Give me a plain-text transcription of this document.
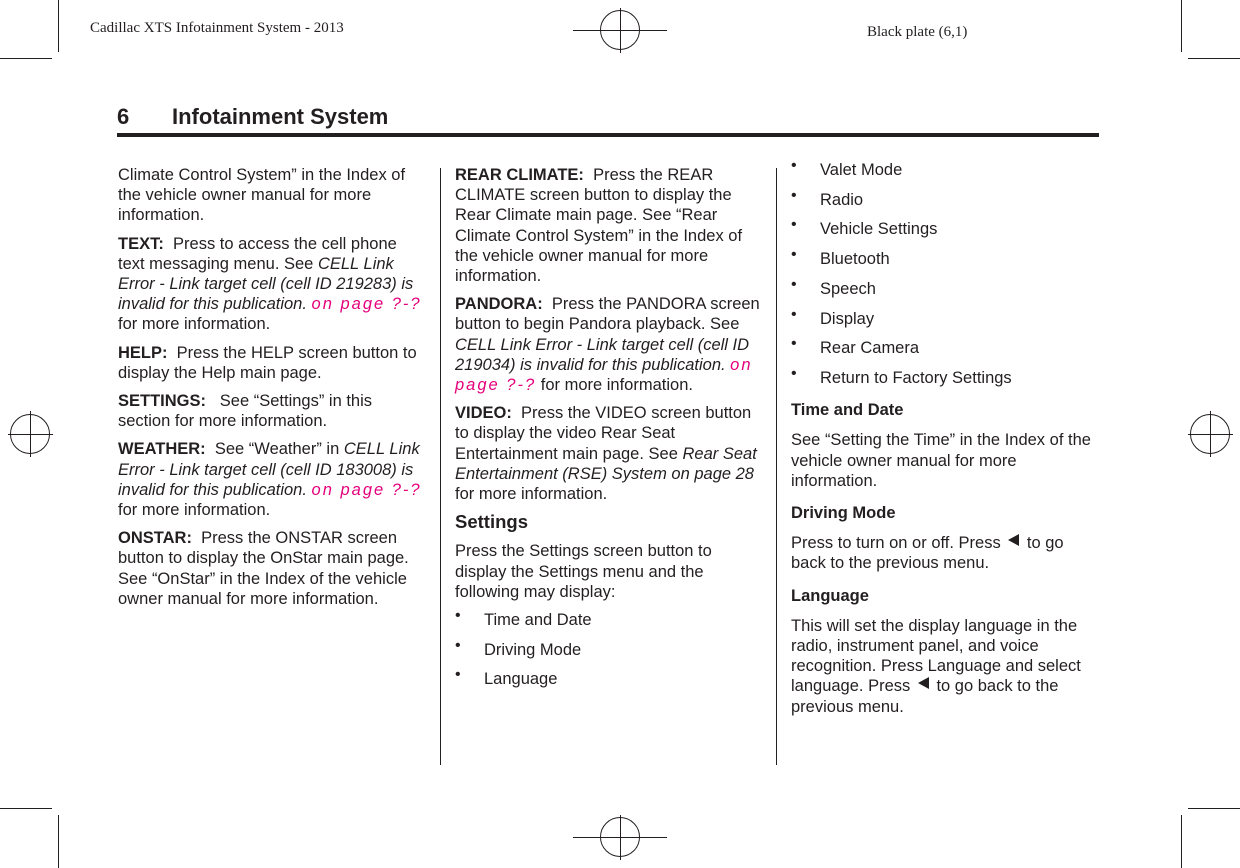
Cadillac XTS Infotainment System - 2013	Black plate (6,1)
6 Infotainment System

Climate Control System” in the Index of the vehicle owner manual for more information.

TEXT: Press to access the cell phone text messaging menu. See CELL Link Error - Link target cell (cell ID 219283) is invalid for this publication. on page ?-? for more information.

HELP: Press the HELP screen button to display the Help main page.

SETTINGS: See “Settings” in this section for more information.

WEATHER: See “Weather” in CELL Link Error - Link target cell (cell ID 183008) is invalid for this publication. on page ?-? for more information.

ONSTAR: Press the ONSTAR screen button to display the OnStar main page. See “OnStar” in the Index of the vehicle owner manual for more information.

REAR CLIMATE: Press the REAR CLIMATE screen button to display the Rear Climate main page. See “Rear Climate Control System” in the Index of the vehicle owner manual for more information.

PANDORA: Press the PANDORA screen button to begin Pandora playback. See CELL Link Error - Link target cell (cell ID 219034) is invalid for this publication. on page ?-? for more information.

VIDEO: Press the VIDEO screen button to display the video Rear Seat Entertainment main page. See Rear Seat Entertainment (RSE) System on page 28 for more information.

Settings

Press the Settings screen button to display the Settings menu and the following may display:

• Time and Date
• Driving Mode
• Language
• Valet Mode
• Radio
• Vehicle Settings
• Bluetooth
• Speech
• Display
• Rear Camera
• Return to Factory Settings
Time and Date

See “Setting the Time” in the Index of the vehicle owner manual for more information.

Driving Mode

Press to turn on or off. Press to go back to the previous menu.

Language

This will set the display language in the radio, instrument panel, and voice recognition. Press Language and select language. Press to go back to the previous menu.
